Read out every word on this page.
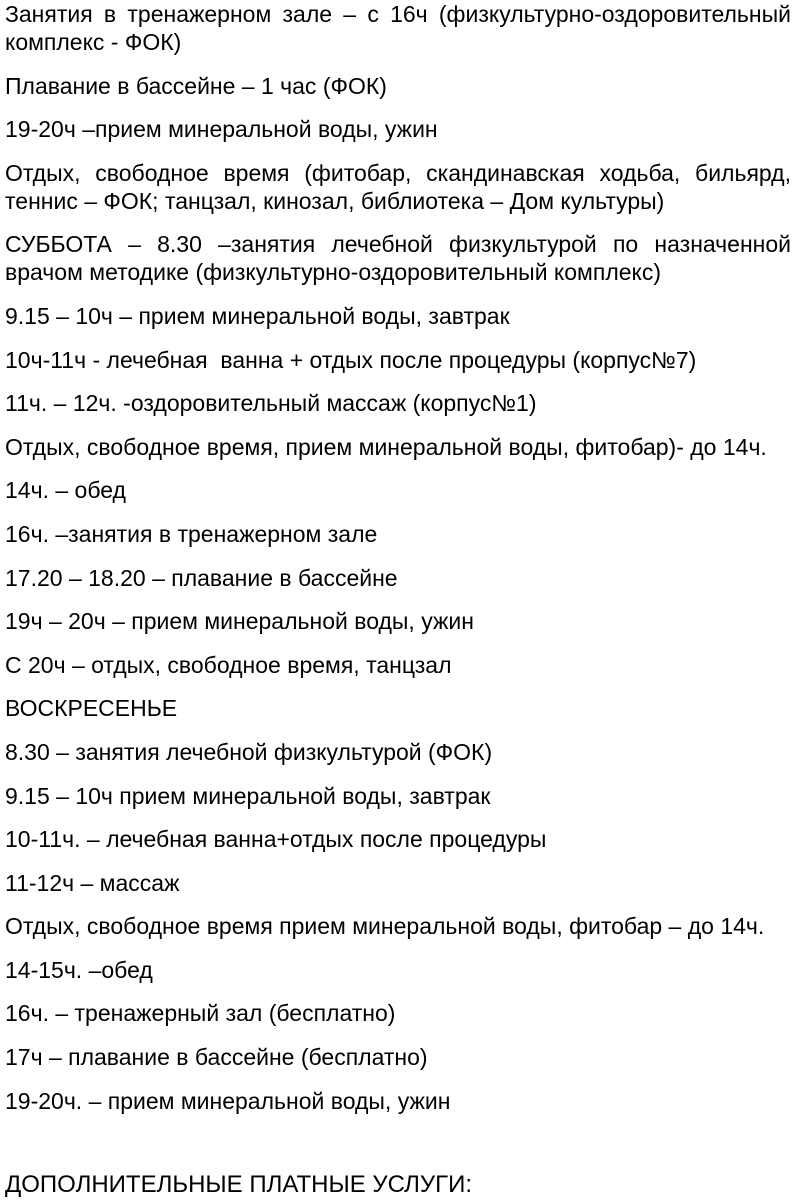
Занятия в тренажерном зале – с 16ч (физкультурно-оздоровительный
комплекс - ФОК)
Плавание в бассейне – 1 час (ФОК)
19-20ч –прием минеральной воды, ужин
Отдых, свободное время (фитобар, скандинавская ходьба, бильярд,
теннис – ФОК; танцзал, кинозал, библиотека – Дом культуры)
СУББОТА – 8.30 –занятия лечебной физкультурой по назначенной
врачом методике (физкультурно-оздоровительный комплекс)
9.15 – 10ч – прием минеральной воды, завтрак
10ч-11ч - лечебная  ванна + отдых после процедуры (корпус№7)
11ч. – 12ч. -оздоровительный массаж (корпус№1)
Отдых, свободное время, прием минеральной воды, фитобар)- до 14ч.
14ч. – обед
16ч. –занятия в тренажерном зале
17.20 – 18.20 – плавание в бассейне
19ч – 20ч – прием минеральной воды, ужин
С 20ч – отдых, свободное время, танцзал
ВОСКРЕСЕНЬЕ
8.30 – занятия лечебной физкультурой (ФОК)
9.15 – 10ч прием минеральной воды, завтрак
10-11ч. – лечебная ванна+отдых после процедуры
11-12ч – массаж
Отдых, свободное время прием минеральной воды, фитобар – до 14ч.
14-15ч. –обед
16ч. – тренажерный зал (бесплатно)
17ч – плавание в бассейне (бесплатно)
19-20ч. – прием минеральной воды, ужин
ДОПОЛНИТЕЛЬНЫЕ ПЛАТНЫЕ УСЛУГИ:
